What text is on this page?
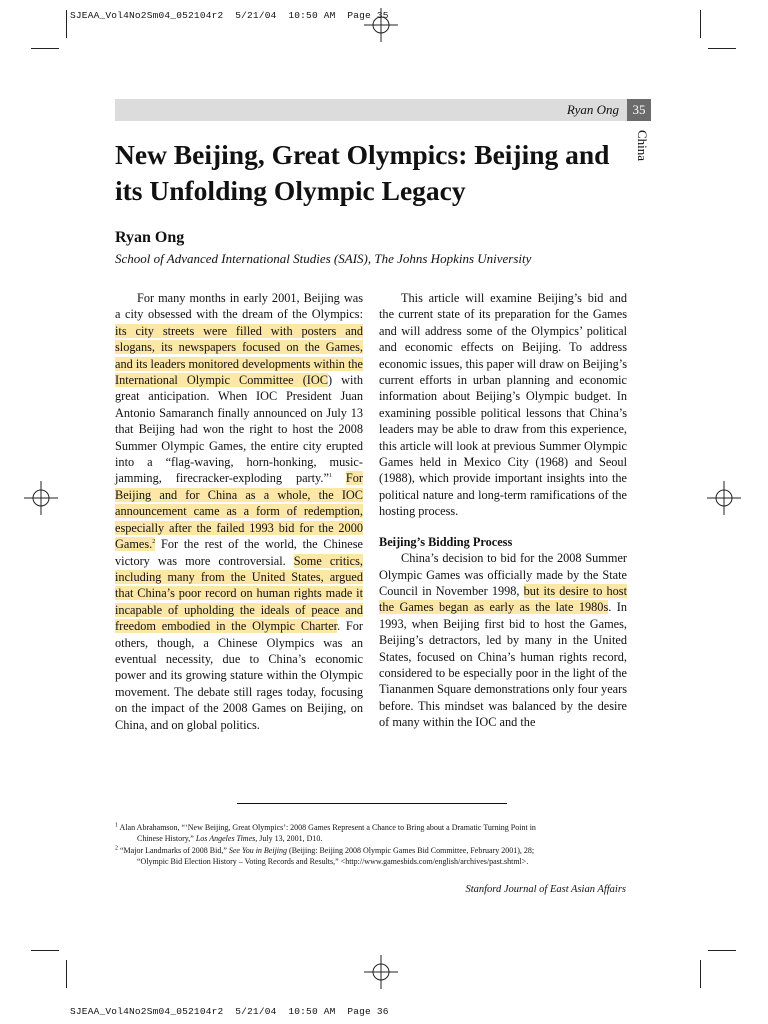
SJEAA_Vol4No2Sm04_052104r2  5/21/04  10:50 AM  Page 35
SJEAA_Vol4No2Sm04_052104r2  5/21/04  10:50 AM  Page 36
Ryan Ong	35
China
New Beijing, Great Olympics: Beijing and its Unfolding Olympic Legacy
Ryan Ong
School of Advanced International Studies (SAIS), The Johns Hopkins University

For many months in early 2001, Beijing was a city obsessed with the dream of the Olympics: its city streets were filled with posters and slogans, its newspapers focused on the Games, and its leaders monitored developments within the International Olympic Committee (IOC) with great anticipation. When IOC President Juan Antonio Samaranch finally announced on July 13 that Beijing had won the right to host the 2008 Summer Olympic Games, the entire city erupted into a “flag-waving, horn-honking, music-jamming, firecracker-exploding party.”$^1$ For Beijing and for China as a whole, the IOC announcement came as a form of redemption, especially after the failed 1993 bid for the 2000 Games.$^2$ For the rest of the world, the Chinese victory was more controversial. Some critics, including many from the United States, argued that China’s poor record on human rights made it incapable of upholding the ideals of peace and freedom embodied in the Olympic Charter. For others, though, a Chinese Olympics was an eventual necessity, due to China’s economic power and its growing stature within the Olympic movement. The debate still rages today, focusing on the impact of the 2008 Games on Beijing, on China, and on global politics.

This article will examine Beijing’s bid and the current state of its preparation for the Games and will address some of the Olympics’ political and economic effects on Beijing. To address economic issues, this paper will draw on Beijing’s current efforts in urban planning and economic information about Beijing’s Olympic budget. In examining possible political lessons that China’s leaders may be able to draw from this experience, this article will look at previous Summer Olympic Games held in Mexico City (1968) and Seoul (1988), which provide important insights into the political nature and long-term ramifications of the hosting process.

Beijing’s Bidding Process

China’s decision to bid for the 2008 Summer Olympic Games was officially made by the State Council in November 1998, but its desire to host the Games began as early as the late 1980s. In 1993, when Beijing first bid to host the Games, Beijing’s detractors, led by many in the United States, focused on China’s human rights record, considered to be especially poor in the light of the Tiananmen Square demonstrations only four years before. This mindset was balanced by the desire of many within the IOC and the

$^1$ Alan Abrahamson, “‘New Beijing, Great Olympics’: 2008 Games Represent a Chance to Bring about a Dramatic Turning Point in
Chinese History,” Los Angeles Times, July 13, 2001, D10.
$^2$ “Major Landmarks of 2008 Bid,” See You in Beijing (Beijing: Beijing 2008 Olympic Games Bid Committee, February 2001), 28;
“Olympic Bid Election History – Voting Records and Results,” <http://www.gamesbids.com/english/archives/past.shtml>.
Stanford Journal of East Asian Affairs
